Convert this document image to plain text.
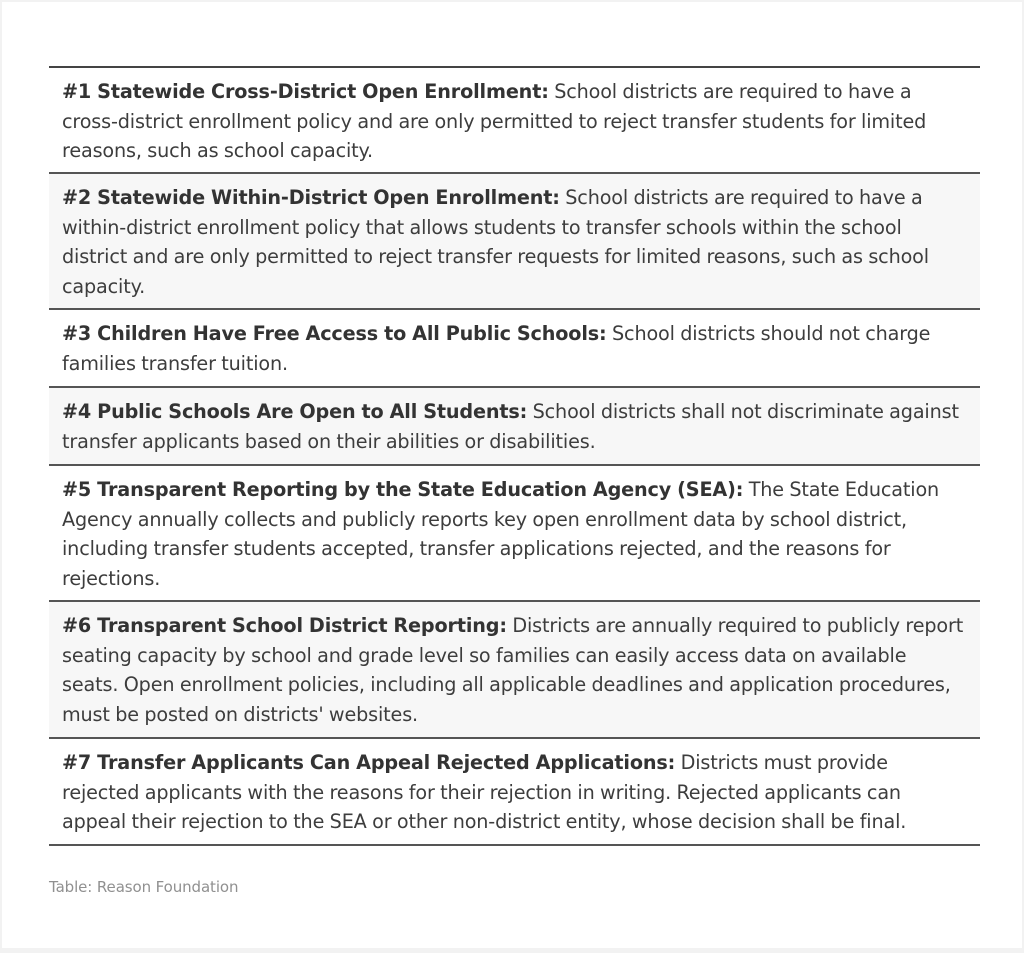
#1 Statewide Cross-District Open Enrollment: School districts are required to have a cross-district enrollment policy and are only permitted to reject transfer students for limited reasons, such as school capacity.
#2 Statewide Within-District Open Enrollment: School districts are required to have a within-district enrollment policy that allows students to transfer schools within the school district and are only permitted to reject transfer requests for limited reasons, such as school capacity.
#3 Children Have Free Access to All Public Schools: School districts should not charge families transfer tuition.
#4 Public Schools Are Open to All Students: School districts shall not discriminate against transfer applicants based on their abilities or disabilities.
#5 Transparent Reporting by the State Education Agency (SEA): The State Education Agency annually collects and publicly reports key open enrollment data by school district, including transfer students accepted, transfer applications rejected, and the reasons for rejections.
#6 Transparent School District Reporting: Districts are annually required to publicly report seating capacity by school and grade level so families can easily access data on available seats. Open enrollment policies, including all applicable deadlines and application procedures, must be posted on districts' websites.
#7 Transfer Applicants Can Appeal Rejected Applications: Districts must provide rejected applicants with the reasons for their rejection in writing. Rejected applicants can appeal their rejection to the SEA or other non-district entity, whose decision shall be final.
Table: Reason Foundation
